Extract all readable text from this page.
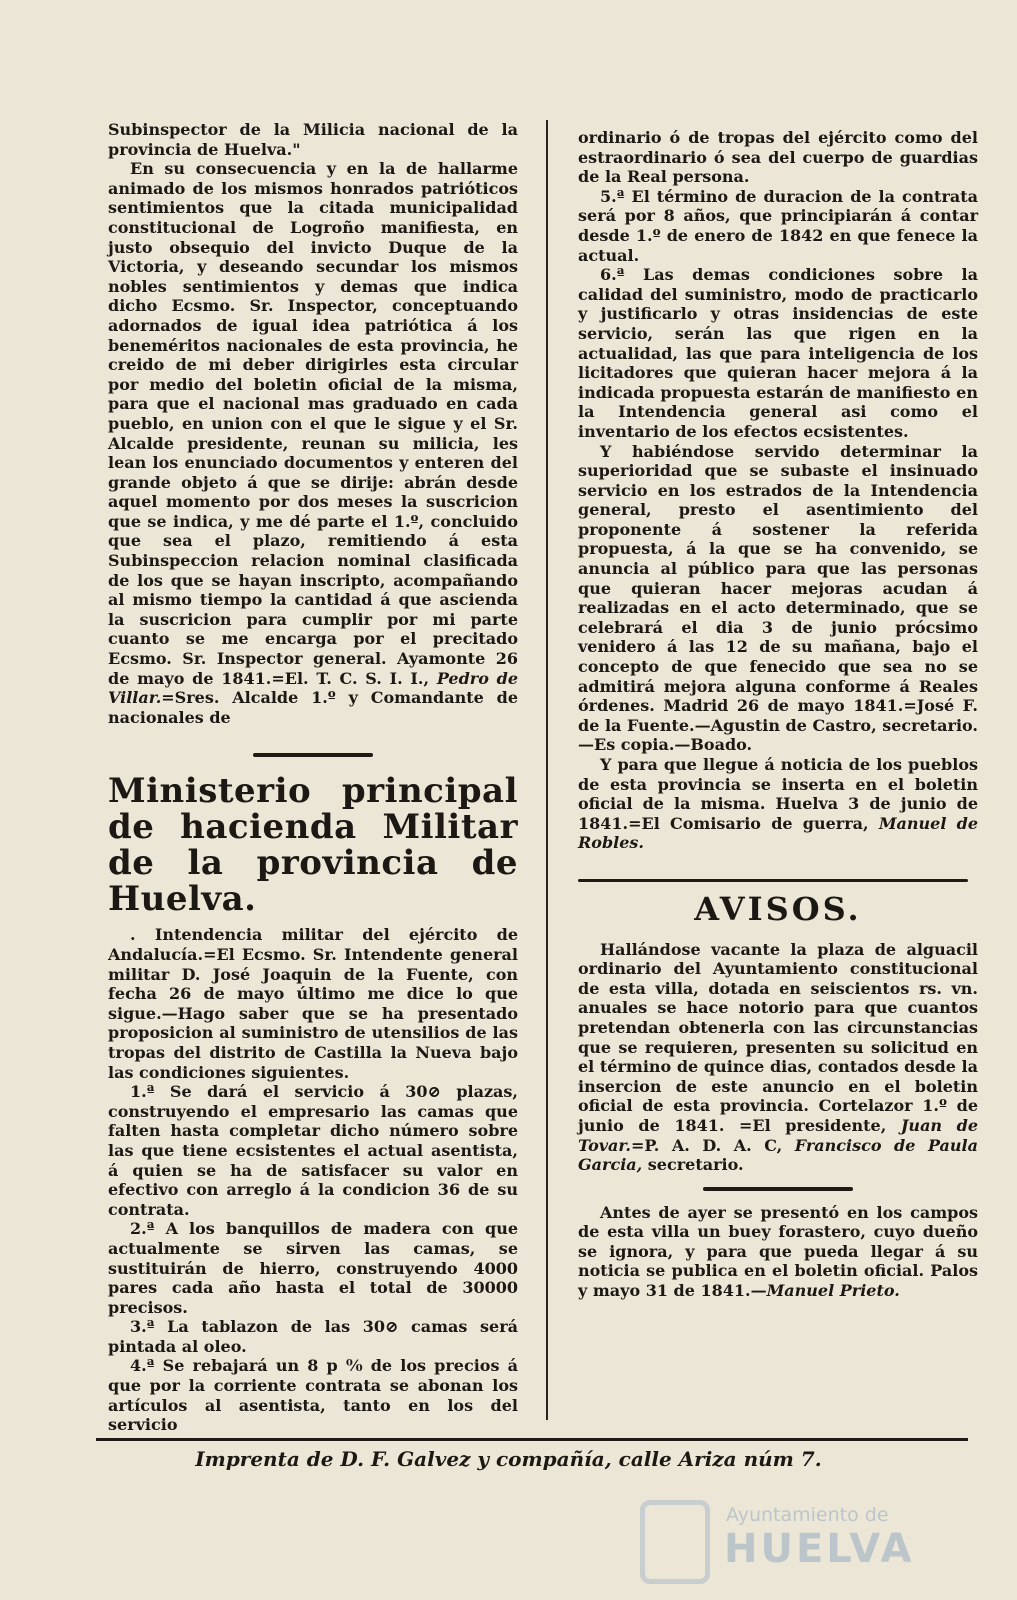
Subinspector de la Milicia nacional de la provincia de Huelva."

En su consecuencia y en la de hallarme animado de los mismos honrados patrióticos sentimientos que la citada municipalidad constitucional de Logroño manifiesta, en justo obsequio del invicto Duque de la Victoria, y deseando secundar los mismos nobles sentimientos y demas que indica dicho Ecsmo. Sr. Inspector, conceptuando adornados de igual idea patriótica á los beneméritos nacionales de esta provincia, he creido de mi deber dirigirles esta circular por medio del boletin oficial de la misma, para que el nacional mas graduado en cada pueblo, en union con el que le sigue y el Sr. Alcalde presidente, reunan su milicia, les lean los enunciado documentos y enteren del grande objeto á que se dirije: abrán desde aquel momento por dos meses la suscricion que se indica, y me dé parte el 1.º, concluido que sea el plazo, remitiendo á esta Subinspeccion relacion nominal clasificada de los que se hayan inscripto, acompañando al mismo tiempo la cantidad á que ascienda la suscricion para cumplir por mi parte cuanto se me encarga por el precitado Ecsmo. Sr. Inspector general. Ayamonte 26 de mayo de 1841.=El. T. C. S. I. I., Pedro de Villar.=Sres. Alcalde 1.º y Comandante de nacionales de

Ministerio principal de hacienda Militar de la provincia de Huelva.

. Intendencia militar del ejército de Andalucía.=El Ecsmo. Sr. Intendente general militar D. José Joaquin de la Fuente, con fecha 26 de mayo último me dice lo que sigue.—Hago saber que se ha presentado proposicion al suministro de utensilios de las tropas del distrito de Castilla la Nueva bajo las condiciones siguientes.

1.ª Se dará el servicio á 30⊘ plazas, construyendo el empresario las camas que falten hasta completar dicho número sobre las que tiene ecsistentes el actual asentista, á quien se ha de satisfacer su valor en efectivo con arreglo á la condicion 36 de su contrata.

2.ª A los banquillos de madera con que actualmente se sirven las camas, se sustituirán de hierro, construyendo 4000 pares cada año hasta el total de 30000 precisos.

3.ª La tablazon de las 30⊘ camas será pintada al oleo.

4.ª Se rebajará un 8 p ⁰⁄₀ de los precios á que por la corriente contrata se abonan los artículos al asentista, tanto en los del servicio

ordinario ó de tropas del ejército como del estraordinario ó sea del cuerpo de guardias de la Real persona.

5.ª El término de duracion de la contrata será por 8 años, que principiarán á contar desde 1.º de enero de 1842 en que fenece la actual.

6.ª Las demas condiciones sobre la calidad del suministro, modo de practicarlo y justificarlo y otras insidencias de este servicio, serán las que rigen en la actualidad, las que para inteligencia de los licitadores que quieran hacer mejora á la indicada propuesta estarán de manifiesto en la Intendencia general asi como el inventario de los efectos ecsistentes.

Y habiéndose servido determinar la superioridad que se subaste el insinuado servicio en los estrados de la Intendencia general, presto el asentimiento del proponente á sostener la referida propuesta, á la que se ha convenido, se anuncia al público para que las personas que quieran hacer mejoras acudan á realizadas en el acto determinado, que se celebrará el dia 3 de junio prócsimo venidero á las 12 de su mañana, bajo el concepto de que fenecido que sea no se admitirá mejora alguna conforme á Reales órdenes. Madrid 26 de mayo 1841.=José F. de la Fuente.—Agustin de Castro, secretario.—Es copia.—Boado.

Y para que llegue á noticia de los pueblos de esta provincia se inserta en el boletin oficial de la misma. Huelva 3 de junio de 1841.=El Comisario de guerra, Manuel de Robles.

AVISOS.

Hallándose vacante la plaza de alguacil ordinario del Ayuntamiento constitucional de esta villa, dotada en seiscientos rs. vn. anuales se hace notorio para que cuantos pretendan obtenerla con las circunstancias que se requieren, presenten su solicitud en el término de quince dias, contados desde la insercion de este anuncio en el boletin oficial de esta provincia. Cortelazor 1.º de junio de 1841. =El presidente, Juan de Tovar.=P. A. D. A. C, Francisco de Paula Garcia, secretario.

Antes de ayer se presentó en los campos de esta villa un buey forastero, cuyo dueño se ignora, y para que pueda llegar á su noticia se publica en el boletin oficial. Palos y mayo 31 de 1841.—Manuel Prieto.

Imprenta de D. F. Galvez y compañía, calle Ariza núm 7.
Ayuntamiento de
HUELVA
